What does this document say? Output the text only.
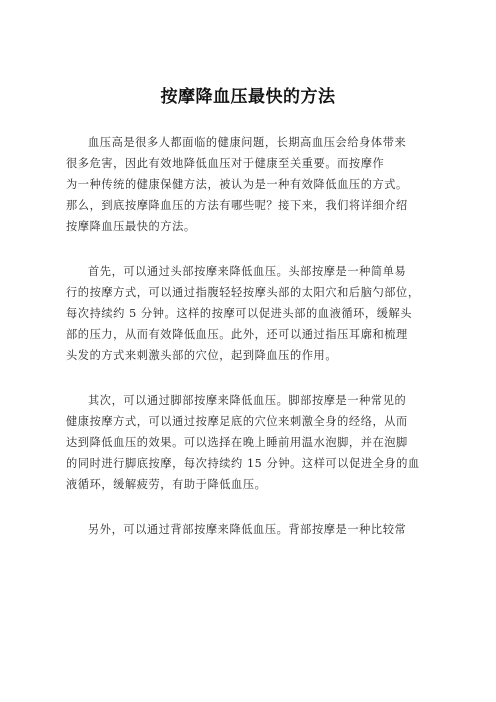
按摩降血压最快的方法
血压高是很多人都面临的健康问题，长期高血压会给身体带来
很多危害，因此有效地降低血压对于健康至关重要。而按摩作
为一种传统的健康保健方法，被认为是一种有效降低血压的方式。
那么，到底按摩降血压的方法有哪些呢？接下来，我们将详细介绍
按摩降血压最快的方法。
首先，可以通过头部按摩来降低血压。头部按摩是一种简单易
行的按摩方式，可以通过指腹轻轻按摩头部的太阳穴和后脑勺部位，
每次持续约 5 分钟。这样的按摩可以促进头部的血液循环，缓解头
部的压力，从而有效降低血压。此外，还可以通过指压耳廓和梳理
头发的方式来刺激头部的穴位，起到降血压的作用。
其次，可以通过脚部按摩来降低血压。脚部按摩是一种常见的
健康按摩方式，可以通过按摩足底的穴位来刺激全身的经络，从而
达到降低血压的效果。可以选择在晚上睡前用温水泡脚，并在泡脚
的同时进行脚底按摩，每次持续约 15 分钟。这样可以促进全身的血
液循环，缓解疲劳，有助于降低血压。
另外，可以通过背部按摩来降低血压。背部按摩是一种比较常
